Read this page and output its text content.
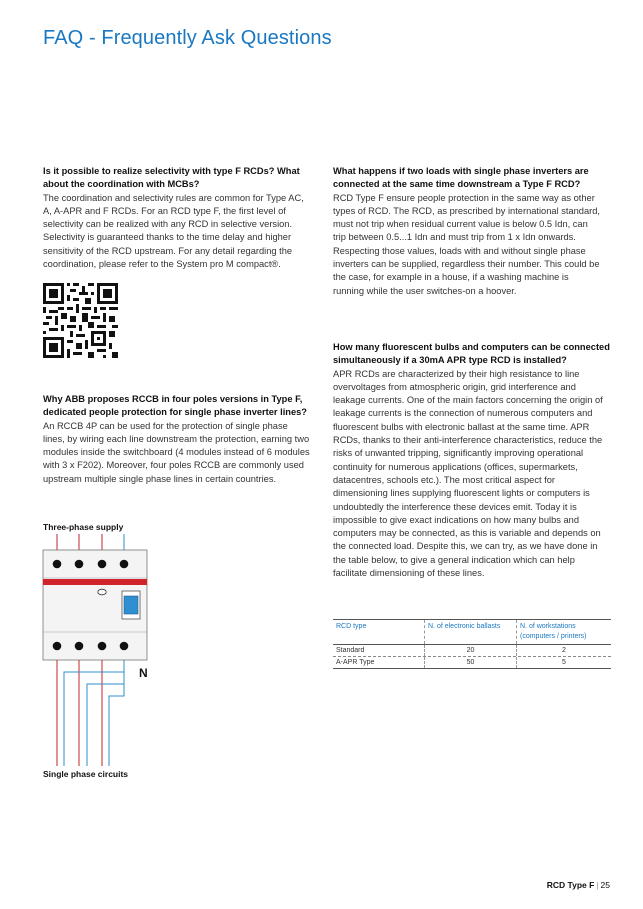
FAQ - Frequently Ask Questions
Is it possible to realize selectivity with type F RCDs? What about the coordination with MCBs?
The coordination and selectivity rules are common for Type AC, A, A-APR and F RCDs. For an RCD type F, the first level of selectivity can be realized with any RCD in selective version. Selectivity is guaranteed thanks to the time delay and higher sensitivity of the RCD upstream. For any detail regarding the coordination, please refer to the System pro M compact®.
Why ABB proposes RCCB in four poles versions in Type F, dedicated people protection for single phase inverter lines?
An RCCB 4P can be used for the protection of single phase lines, by wiring each line downstream the protection, earning two modules inside the switchboard (4 modules instead of 6 modules with 3 x F202). Moreover, four poles RCCB are commonly used upstream multiple single phase lines in certain countries.
Three-phase supply
N
Single phase circuits
What happens if two loads with single phase inverters are connected at the same time downstream a Type F RCD?
RCD Type F ensure people protection in the same way as other types of RCD. The RCD, as prescribed by international standard, must not trip when residual current value is below 0.5 Idn, can trip between 0.5...1 Idn and must trip from 1 x Idn onwards. Respecting those values, loads with and without single phase inverters can be supplied, regardless their number. This could be the case, for example in a house, if a washing machine is running while the user switches-on a hoover.
How many fluorescent bulbs and computers can be connected simultaneously if a 30mA APR type RCD is installed?
APR RCDs are characterized by their high resistance to line overvoltages from atmospheric origin, grid interference and leakage currents. One of the main factors concerning the origin of leakage currents is the connection of numerous computers and fluorescent bulbs with electronic ballast at the same time. APR RCDs, thanks to their anti-interference characteristics, reduce the risks of unwanted tripping, significantly improving operational continuity for numerous applications (offices, supermarkets, datacentres, schools etc.). The most critical aspect for dimensioning lines supplying fluorescent lights or computers is undoubtedly the interference these devices emit. Today it is impossible to give exact indications on how many bulbs and computers may be connected, as this is variable and depends on the connected load. Despite this, we can try, as we have done in the table below, to give a general indication which can help facilitate dimensioning of these lines.
RCD type	N. of electronic ballasts	N. of workstations (computers / printers)
Standard	20	2
A-APR Type	50	5
RCD Type F | 25
